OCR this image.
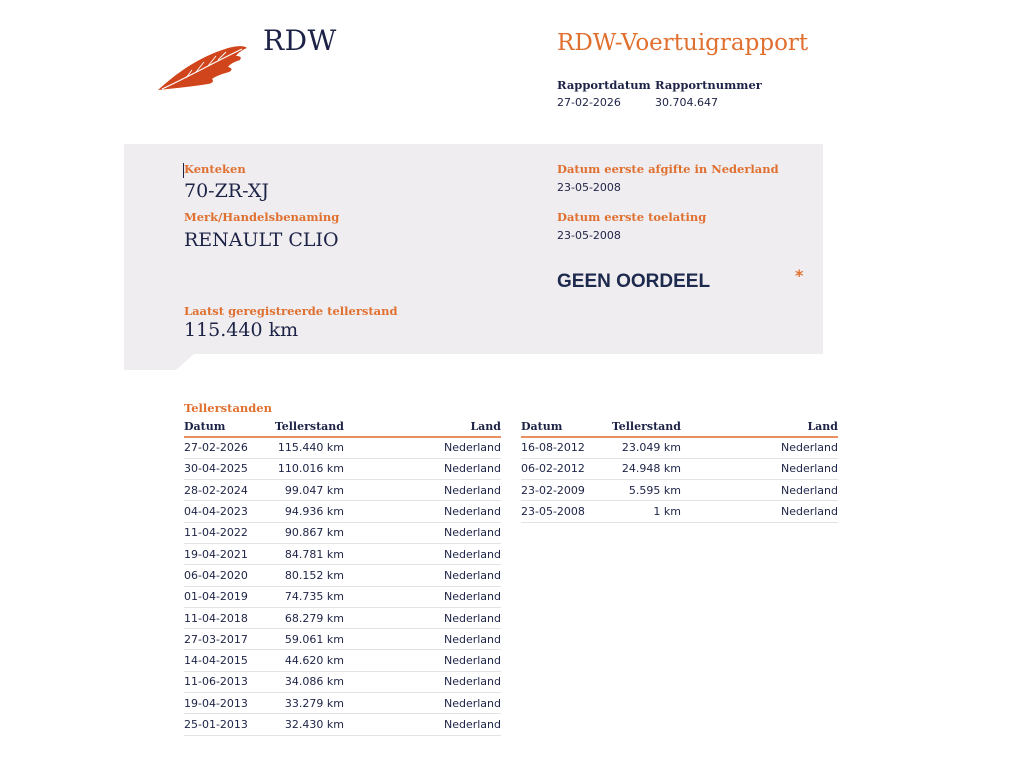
RDW	RDW-Voertuigrapport
Rapportdatum
27-02-2026
Rapportnummer
30.704.647
Kenteken
70-ZR-XJ
Merk/Handelsbenaming
RENAULT CLIO
Laatst geregistreerde tellerstand
115.440 km
Datum eerste afgifte in Nederland
23-05-2008
Datum eerste toelating
23-05-2008
GEEN OORDEEL	*
Tellerstanden
Datum	Tellerstand	Land
27-02-2026	115.440 km	Nederland
30-04-2025	110.016 km	Nederland
28-02-2024	99.047 km	Nederland
04-04-2023	94.936 km	Nederland
11-04-2022	90.867 km	Nederland
19-04-2021	84.781 km	Nederland
06-04-2020	80.152 km	Nederland
01-04-2019	74.735 km	Nederland
11-04-2018	68.279 km	Nederland
27-03-2017	59.061 km	Nederland
14-04-2015	44.620 km	Nederland
11-06-2013	34.086 km	Nederland
19-04-2013	33.279 km	Nederland
25-01-2013	32.430 km	Nederland
Datum	Tellerstand	Land
16-08-2012	23.049 km	Nederland
06-02-2012	24.948 km	Nederland
23-02-2009	5.595 km	Nederland
23-05-2008	1 km	Nederland
